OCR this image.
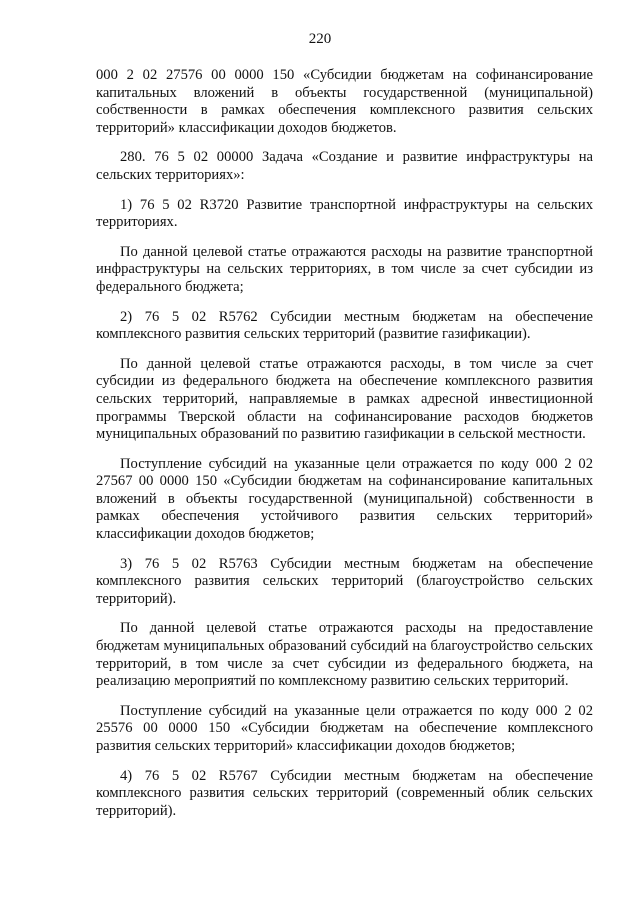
220

000 2 02 27576 00 0000 150 «Субсидии бюджетам на софинансирование капитальных вложений в объекты государственной (муниципальной) собственности в рамках обеспечения комплексного развития сельских территорий» классификации доходов бюджетов.

280. 76 5 02 00000 Задача «Создание и развитие инфраструктуры на сельских территориях»:

1) 76 5 02 R3720 Развитие транспортной инфраструктуры на сельских территориях.

По данной целевой статье отражаются расходы на развитие транспортной инфраструктуры на сельских территориях, в том числе за счет субсидии из федерального бюджета;

2) 76 5 02 R5762 Субсидии местным бюджетам на обеспечение комплексного развития сельских территорий (развитие газификации).

По данной целевой статье отражаются расходы, в том числе за счет субсидии из федерального бюджета на обеспечение комплексного развития сельских территорий, направляемые в рамках адресной инвестиционной программы Тверской области на софинансирование расходов бюджетов муниципальных образований по развитию газификации в сельской местности.

Поступление субсидий на указанные цели отражается по коду 000 2 02 27567 00 0000 150 «Субсидии бюджетам на софинансирование капитальных вложений в объекты государственной (муниципальной) собственности в рамках обеспечения устойчивого развития сельских территорий» классификации доходов бюджетов;

3) 76 5 02 R5763 Субсидии местным бюджетам на обеспечение комплексного развития сельских территорий (благоустройство сельских территорий).

По данной целевой статье отражаются расходы на предоставление бюджетам муниципальных образований субсидий на благоустройство сельских территорий, в том числе за счет субсидии из федерального бюджета, на реализацию мероприятий по комплексному развитию сельских территорий.

Поступление субсидий на указанные цели отражается по коду 000 2 02 25576 00 0000 150 «Субсидии бюджетам на обеспечение комплексного развития сельских территорий» классификации доходов бюджетов;

4) 76 5 02 R5767 Субсидии местным бюджетам на обеспечение комплексного развития сельских территорий (современный облик сельских территорий).
